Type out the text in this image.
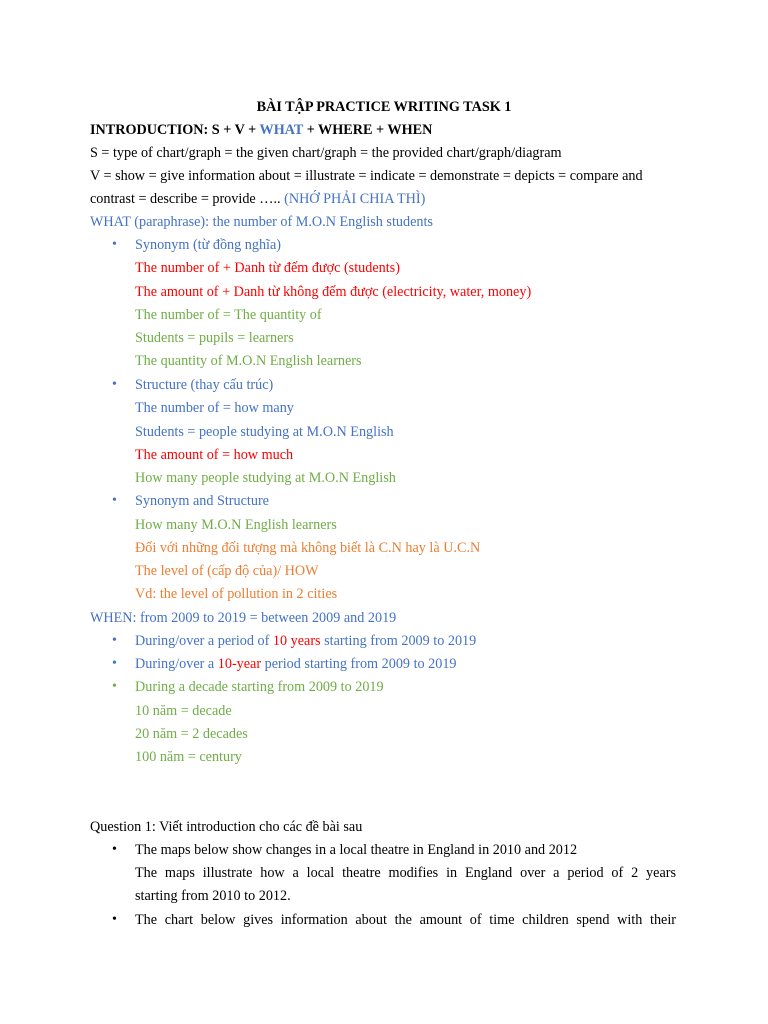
BÀI TẬP PRACTICE WRITING TASK 1
INTRODUCTION: S + V + WHAT + WHERE + WHEN
S = type of chart/graph = the given chart/graph = the provided chart/graph/diagram
V = show = give information about = illustrate = indicate = demonstrate = depicts = compare and
contrast = describe = provide ….. (NHỚ PHẢI CHIA THÌ)
WHAT (paraphrase): the number of M.O.N English students
• Synonym (từ đồng nghĩa)
The number of + Danh từ đếm được (students)
The amount of + Danh từ không đếm được (electricity, water, money)
The number of = The quantity of
Students = pupils = learners
The quantity of M.O.N English learners
• Structure (thay cấu trúc)
The number of = how many
Students = people studying at M.O.N English
The amount of = how much
How many people studying at M.O.N English
• Synonym and Structure
How many M.O.N English learners
Đối với những đối tượng mà không biết là C.N hay là U.C.N
The level of (cấp độ của)/ HOW
Vd: the level of pollution in 2 cities
WHEN: from 2009 to 2019 = between 2009 and 2019
• During/over a period of 10 years starting from 2009 to 2019
• During/over a 10-year period starting from 2009 to 2019
• During a decade starting from 2009 to 2019
10 năm = decade
20 năm = 2 decades
100 năm = century
Question 1: Viết introduction cho các đề bài sau
• The maps below show changes in a local theatre in England in 2010 and 2012
The maps illustrate how a local theatre modifies in England over a period of 2 years
starting from 2010 to 2012.
• The chart below gives information about the amount of time children spend with their
